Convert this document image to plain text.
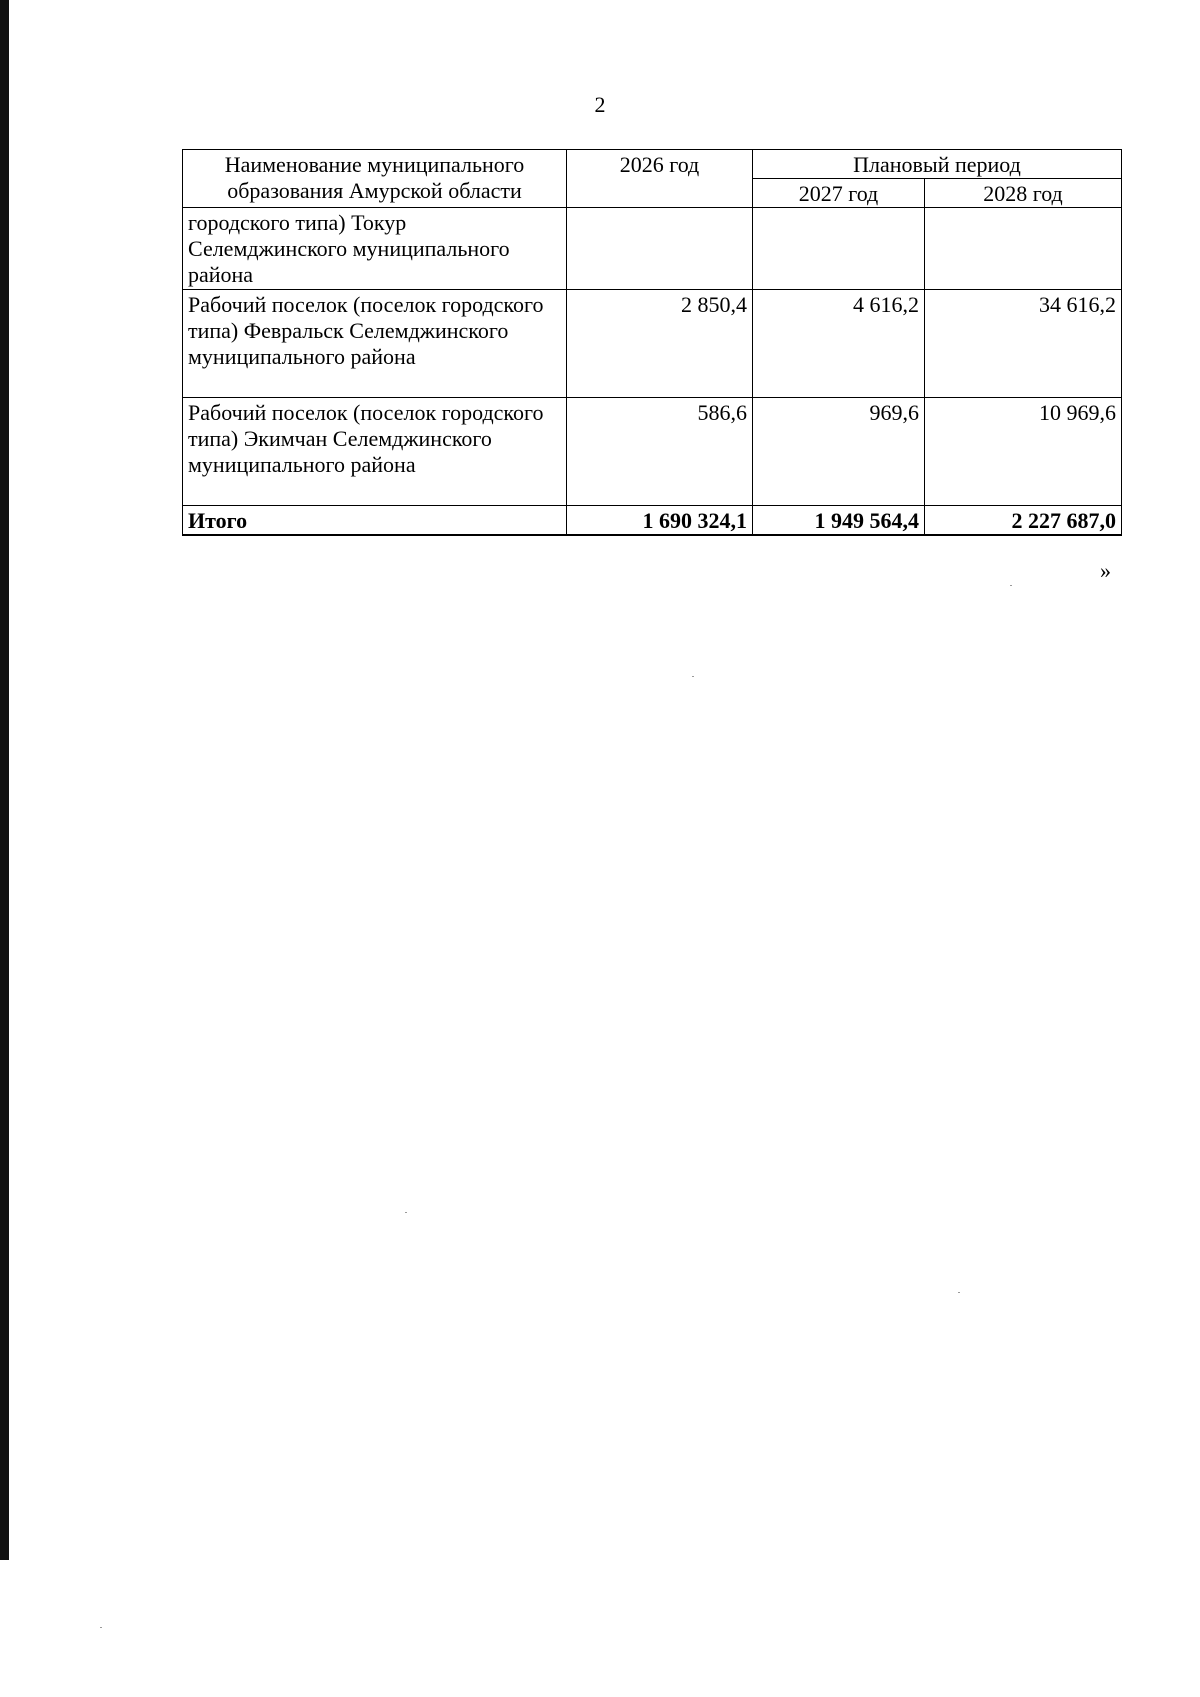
2
Наименование муниципального образования Амурской области	2026 год	Плановый период	
		2027 год	2028 год
городского типа) Токур Селемджинского муниципального района			
Рабочий поселок (поселок городского типа) Февральск Селемджинского муниципального района	2 850,4	4 616,2	34 616,2
Рабочий поселок (поселок городского типа) Экимчан Селемджинского муниципального района	586,6	969,6	10 969,6
Итого	1 690 324,1	1 949 564,4	2 227 687,0
»
